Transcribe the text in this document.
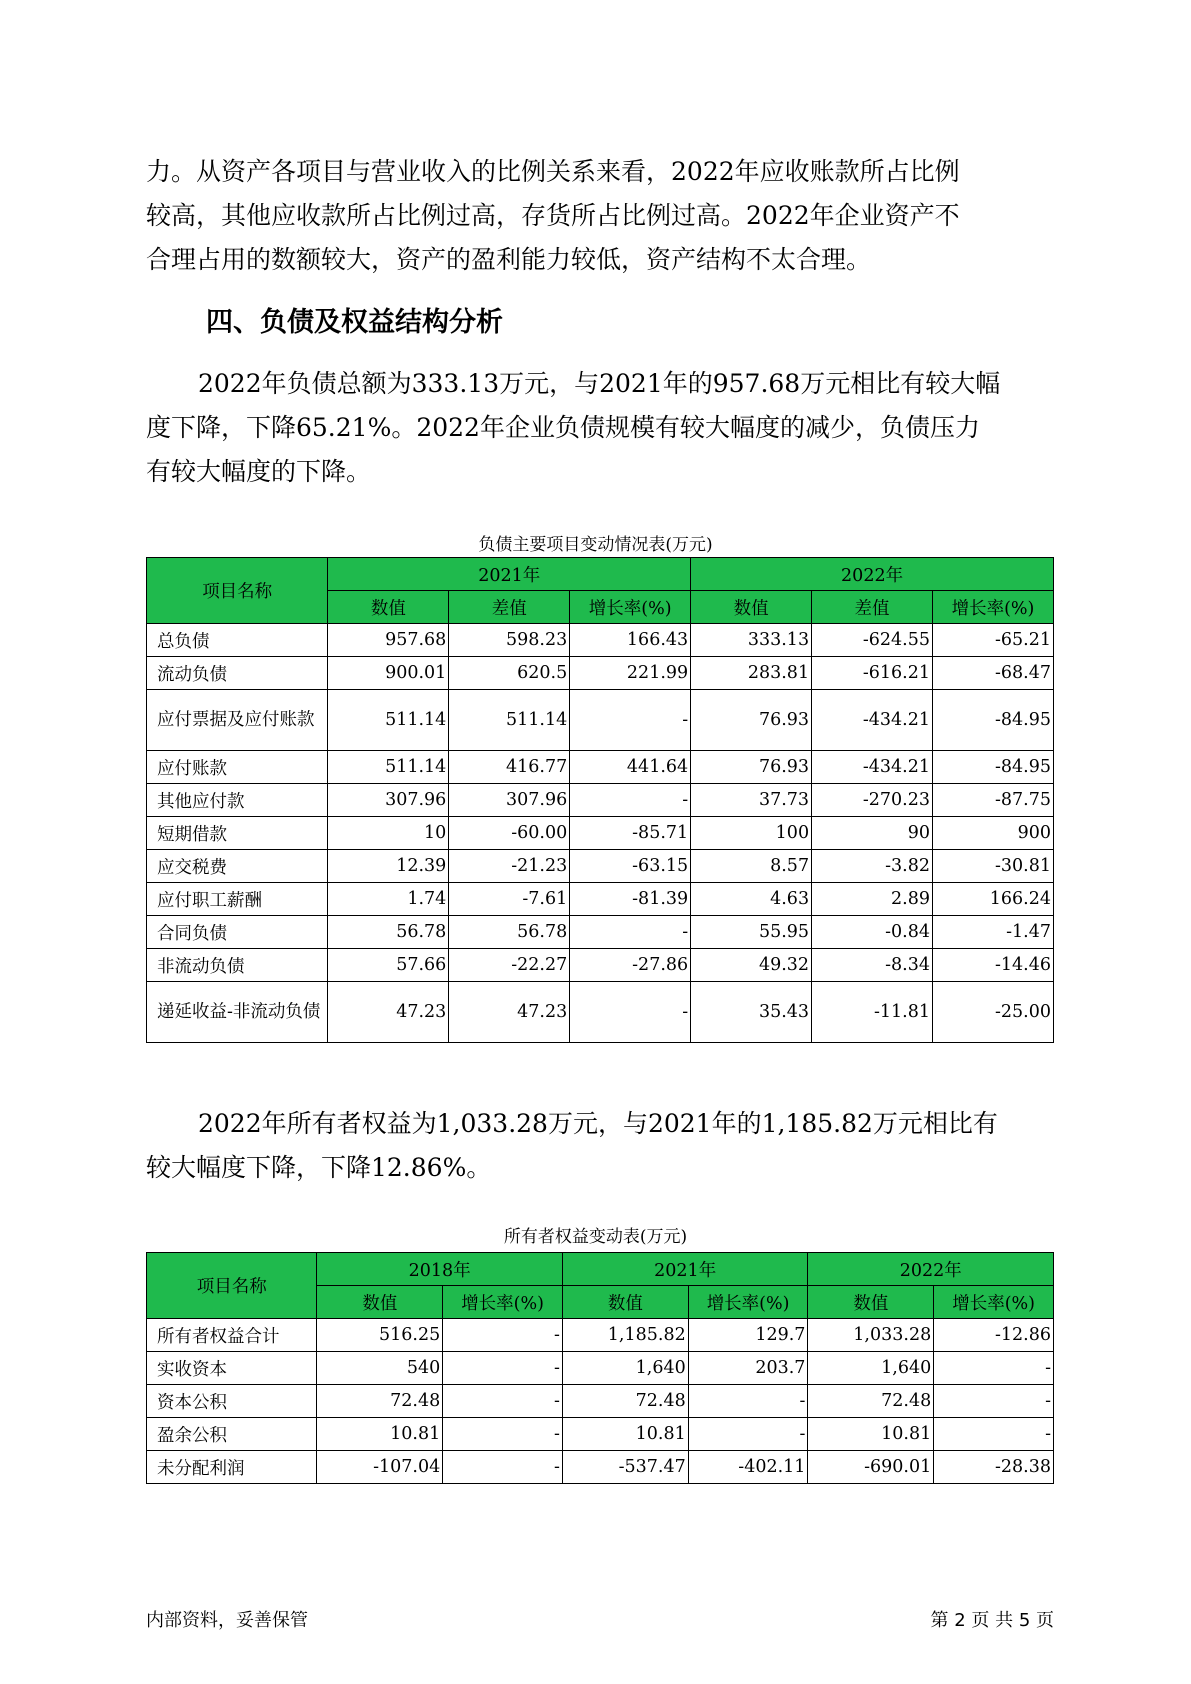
力。从资产各项目与营业收入的比例关系来看，2022年应收账款所占比例

较高，其他应收款所占比例过高，存货所占比例过高。2022年企业资产不

合理占用的数额较大，资产的盈利能力较低，资产结构不太合理。

四、负债及权益结构分析

2022年负债总额为333.13万元，与2021年的957.68万元相比有较大幅

度下降，下降65.21%。2022年企业负债规模有较大幅度的减少，负债压力

有较大幅度的下降。

负债主要项目变动情况表(万元)
项目名称	2021年			2022年		
	数值	差值	增长率(%)	数值	差值	增长率(%)
总负债	957.68	598.23	166.43	333.13	-624.55	-65.21
流动负债	900.01	620.5	221.99	283.81	-616.21	-68.47
应付票据及应付账款	511.14	511.14	-	76.93	-434.21	-84.95
应付账款	511.14	416.77	441.64	76.93	-434.21	-84.95
其他应付款	307.96	307.96	-	37.73	-270.23	-87.75
短期借款	10	-60.00	-85.71	100	90	900
应交税费	12.39	-21.23	-63.15	8.57	-3.82	-30.81
应付职工薪酬	1.74	-7.61	-81.39	4.63	2.89	166.24
合同负债	56.78	56.78	-	55.95	-0.84	-1.47
非流动负债	57.66	-22.27	-27.86	49.32	-8.34	-14.46
递延收益-非流动负债	47.23	47.23	-	35.43	-11.81	-25.00

2022年所有者权益为1,033.28万元，与2021年的1,185.82万元相比有

较大幅度下降，下降12.86%。

所有者权益变动表(万元)
项目名称	2018年		2021年		2022年	
	数值	增长率(%)	数值	增长率(%)	数值	增长率(%)
所有者权益合计	516.25	-	1,185.82	129.7	1,033.28	-12.86
实收资本	540	-	1,640	203.7	1,640	-
资本公积	72.48	-	72.48	-	72.48	-
盈余公积	10.81	-	10.81	-	10.81	-
未分配利润	-107.04	-	-537.47	-402.11	-690.01	-28.38
内部资料，妥善保管	第 2 页 共 5 页
